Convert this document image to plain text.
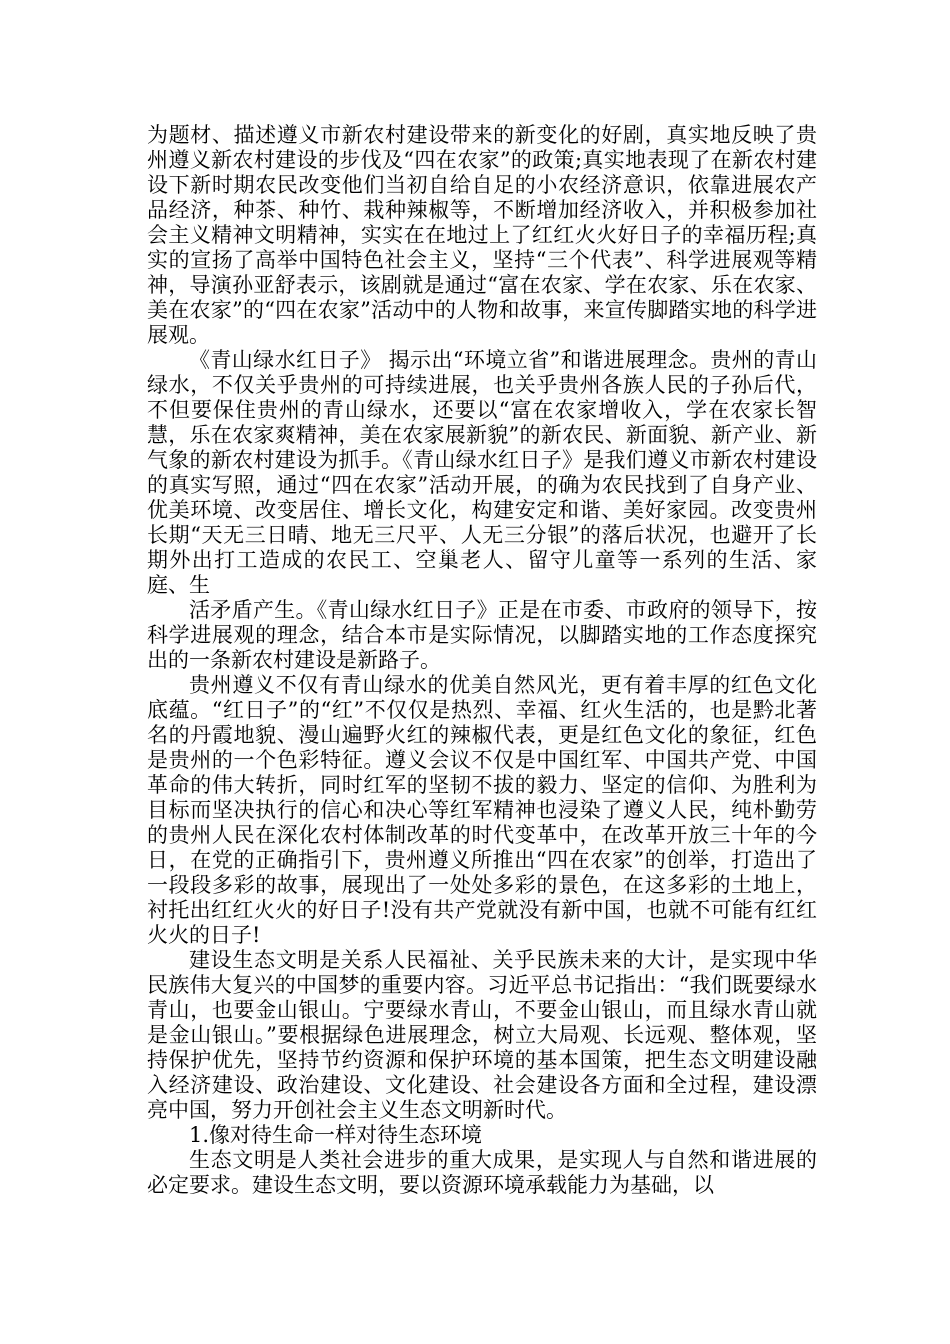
为题材、描述遵义市新农村建设带来的新变化的好剧，真实地反映了贵州遵义新农村建设的步伐及“四在农家”的政策;真实地表现了在新农村建设下新时期农民改变他们当初自给自足的小农经济意识，依靠进展农产品经济，种茶、种竹、栽种辣椒等，不断增加经济收入，并积极参加社会主义精神文明精神，实实在在地过上了红红火火好日子的幸福历程;真实的宣扬了高举中国特色社会主义，坚持“三个代表”、科学进展观等精神，导演孙亚舒表示，该剧就是通过“富在农家、学在农家、乐在农家、美在农家”的“四在农家”活动中的人物和故事，来宣传脚踏实地的科学进展观。

《青山绿水红日子》 揭示出“环境立省”和谐进展理念。贵州的青山绿水，不仅关乎贵州的可持续进展，也关乎贵州各族人民的子孙后代，不但要保住贵州的青山绿水，还要以“富在农家增收入，学在农家长智慧，乐在农家爽精神，美在农家展新貌”的新农民、新面貌、新产业、新气象的新农村建设为抓手。《青山绿水红日子》是我们遵义市新农村建设的真实写照，通过“四在农家”活动开展，的确为农民找到了自身产业、优美环境、改变居住、增长文化，构建安定和谐、美好家园。改变贵州长期“天无三日晴、地无三尺平、人无三分银”的落后状况，也避开了长期外出打工造成的农民工、空巢老人、留守儿童等一系列的生活、家庭、生

活矛盾产生。《青山绿水红日子》正是在市委、市政府的领导下，按科学进展观的理念，结合本市是实际情况，以脚踏实地的工作态度探究出的一条新农村建设是新路子。

贵州遵义不仅有青山绿水的优美自然风光，更有着丰厚的红色文化底蕴。“红日子”的“红”不仅仅是热烈、幸福、红火生活的，也是黔北著名的丹霞地貌、漫山遍野火红的辣椒代表，更是红色文化的象征，红色是贵州的一个色彩特征。遵义会议不仅是中国红军、中国共产党、中国革命的伟大转折，同时红军的坚韧不拔的毅力、坚定的信仰、为胜利为目标而坚决执行的信心和决心等红军精神也浸染了遵义人民，纯朴勤劳的贵州人民在深化农村体制改革的时代变革中，在改革开放三十年的今日，在党的正确指引下，贵州遵义所推出“四在农家”的创举，打造出了一段段多彩的故事，展现出了一处处多彩的景色，在这多彩的土地上，衬托出红红火火的好日子!没有共产党就没有新中国，也就不可能有红红火火的日子!

建设生态文明是关系人民福祉、关乎民族未来的大计，是实现中华民族伟大复兴的中国梦的重要内容。习近平总书记指出：“我们既要绿水青山，也要金山银山。宁要绿水青山，不要金山银山，而且绿水青山就是金山银山。”要根据绿色进展理念，树立大局观、长远观、整体观，坚持保护优先，坚持节约资源和保护环境的基本国策，把生态文明建设融入经济建设、政治建设、文化建设、社会建设各方面和全过程，建设漂亮中国，努力开创社会主义生态文明新时代。

1.像对待生命一样对待生态环境

生态文明是人类社会进步的重大成果，是实现人与自然和谐进展的必定要求。建设生态文明，要以资源环境承载能力为基础，以
